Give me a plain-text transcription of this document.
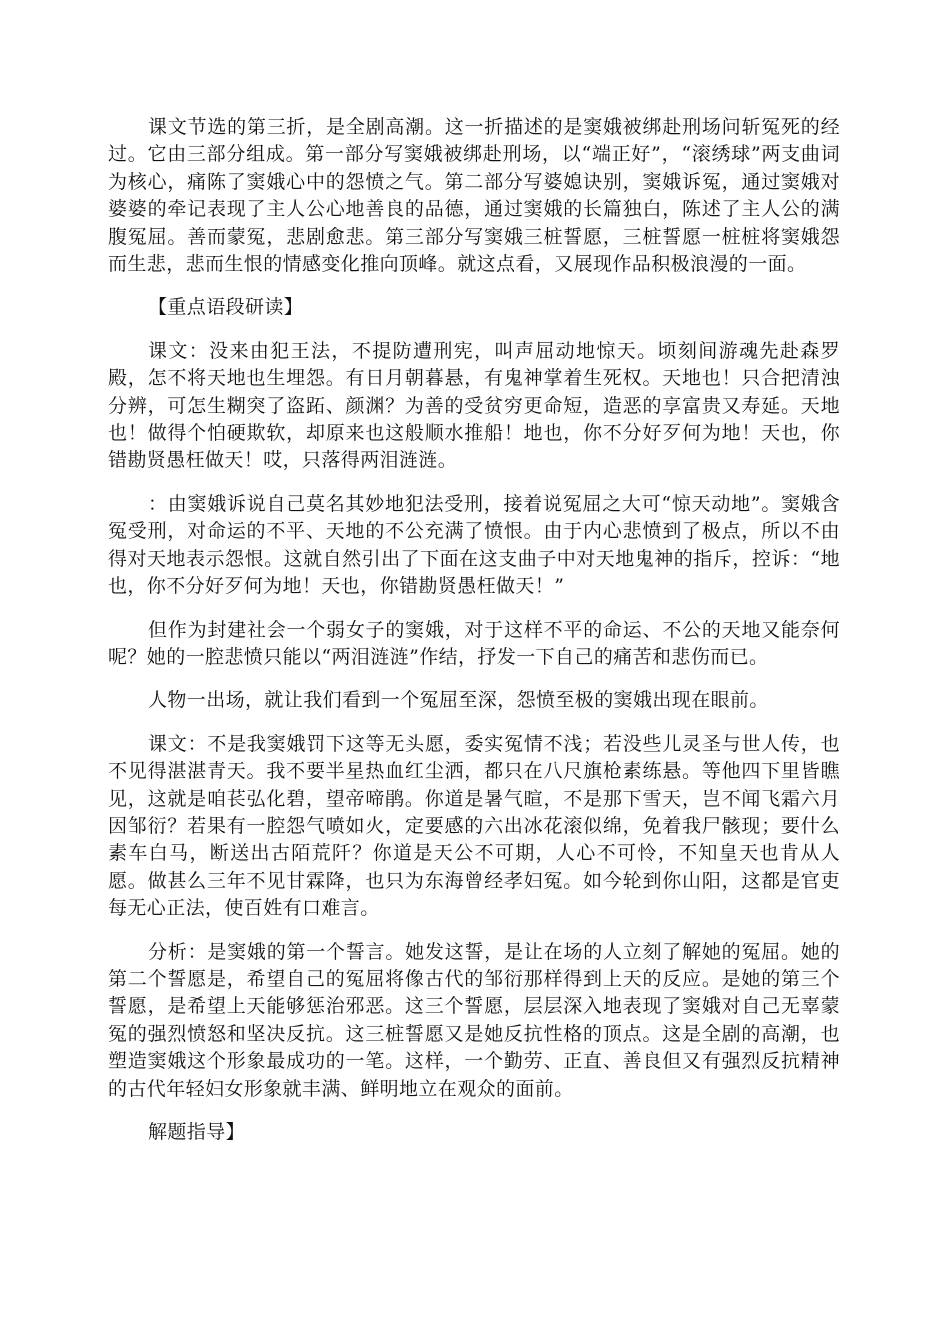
课文节选的第三折，是全剧高潮。这一折描述的是窦娥被绑赴刑场问斩冤死的经过。它由三部分组成。第一部分写窦娥被绑赴刑场，以“端正好”，“滚绣球”两支曲词为核心，痛陈了窦娥心中的怨愤之气。第二部分写婆媳诀别，窦娥诉冤，通过窦娥对婆婆的牵记表现了主人公心地善良的品德，通过窦娥的长篇独白，陈述了主人公的满腹冤屈。善而蒙冤，悲剧愈悲。第三部分写窦娥三桩誓愿，三桩誓愿一桩桩将窦娥怨而生悲，悲而生恨的情感变化推向顶峰。就这点看，又展现作品积极浪漫的一面。

【重点语段研读】

课文：没来由犯王法，不提防遭刑宪，叫声屈动地惊天。顷刻间游魂先赴森罗殿，怎不将天地也生埋怨。有日月朝暮悬，有鬼神掌着生死权。天地也！只合把清浊分辨，可怎生糊突了盗跖、颜渊？为善的受贫穷更命短，造恶的享富贵又寿延。天地也！做得个怕硬欺软，却原来也这般顺水推船！地也，你不分好歹何为地！天也，你错勘贤愚枉做天！哎，只落得两泪涟涟。

：由窦娥诉说自己莫名其妙地犯法受刑，接着说冤屈之大可“惊天动地”。窦娥含冤受刑，对命运的不平、天地的不公充满了愤恨。由于内心悲愤到了极点，所以不由得对天地表示怨恨。这就自然引出了下面在这支曲子中对天地鬼神的指斥，控诉：“地也，你不分好歹何为地！天也，你错勘贤愚枉做天！”

但作为封建社会一个弱女子的窦娥，对于这样不平的命运、不公的天地又能奈何呢？她的一腔悲愤只能以“两泪涟涟”作结，抒发一下自己的痛苦和悲伤而已。

人物一出场，就让我们看到一个冤屈至深，怨愤至极的窦娥出现在眼前。

课文：不是我窦娥罚下这等无头愿，委实冤情不浅；若没些儿灵圣与世人传，也不见得湛湛青天。我不要半星热血红尘洒，都只在八尺旗枪素练悬。等他四下里皆瞧见，这就是咱苌弘化碧，望帝啼鹃。你道是暑气暄，不是那下雪天，岂不闻飞霜六月因邹衍？若果有一腔怨气喷如火，定要感的六出冰花滚似绵，免着我尸骸现；要什么素车白马，断送出古陌荒阡？你道是天公不可期，人心不可怜，不知皇天也肯从人愿。做甚么三年不见甘霖降，也只为东海曾经孝妇冤。如今轮到你山阳，这都是官吏每无心正法，使百姓有口难言。

分析：是窦娥的第一个誓言。她发这誓，是让在场的人立刻了解她的冤屈。她的第二个誓愿是，希望自己的冤屈将像古代的邹衍那样得到上天的反应。是她的第三个誓愿，是希望上天能够惩治邪恶。这三个誓愿，层层深入地表现了窦娥对自己无辜蒙冤的强烈愤怒和坚决反抗。这三桩誓愿又是她反抗性格的顶点。这是全剧的高潮，也塑造窦娥这个形象最成功的一笔。这样，一个勤劳、正直、善良但又有强烈反抗精神的古代年轻妇女形象就丰满、鲜明地立在观众的面前。

解题指导】
